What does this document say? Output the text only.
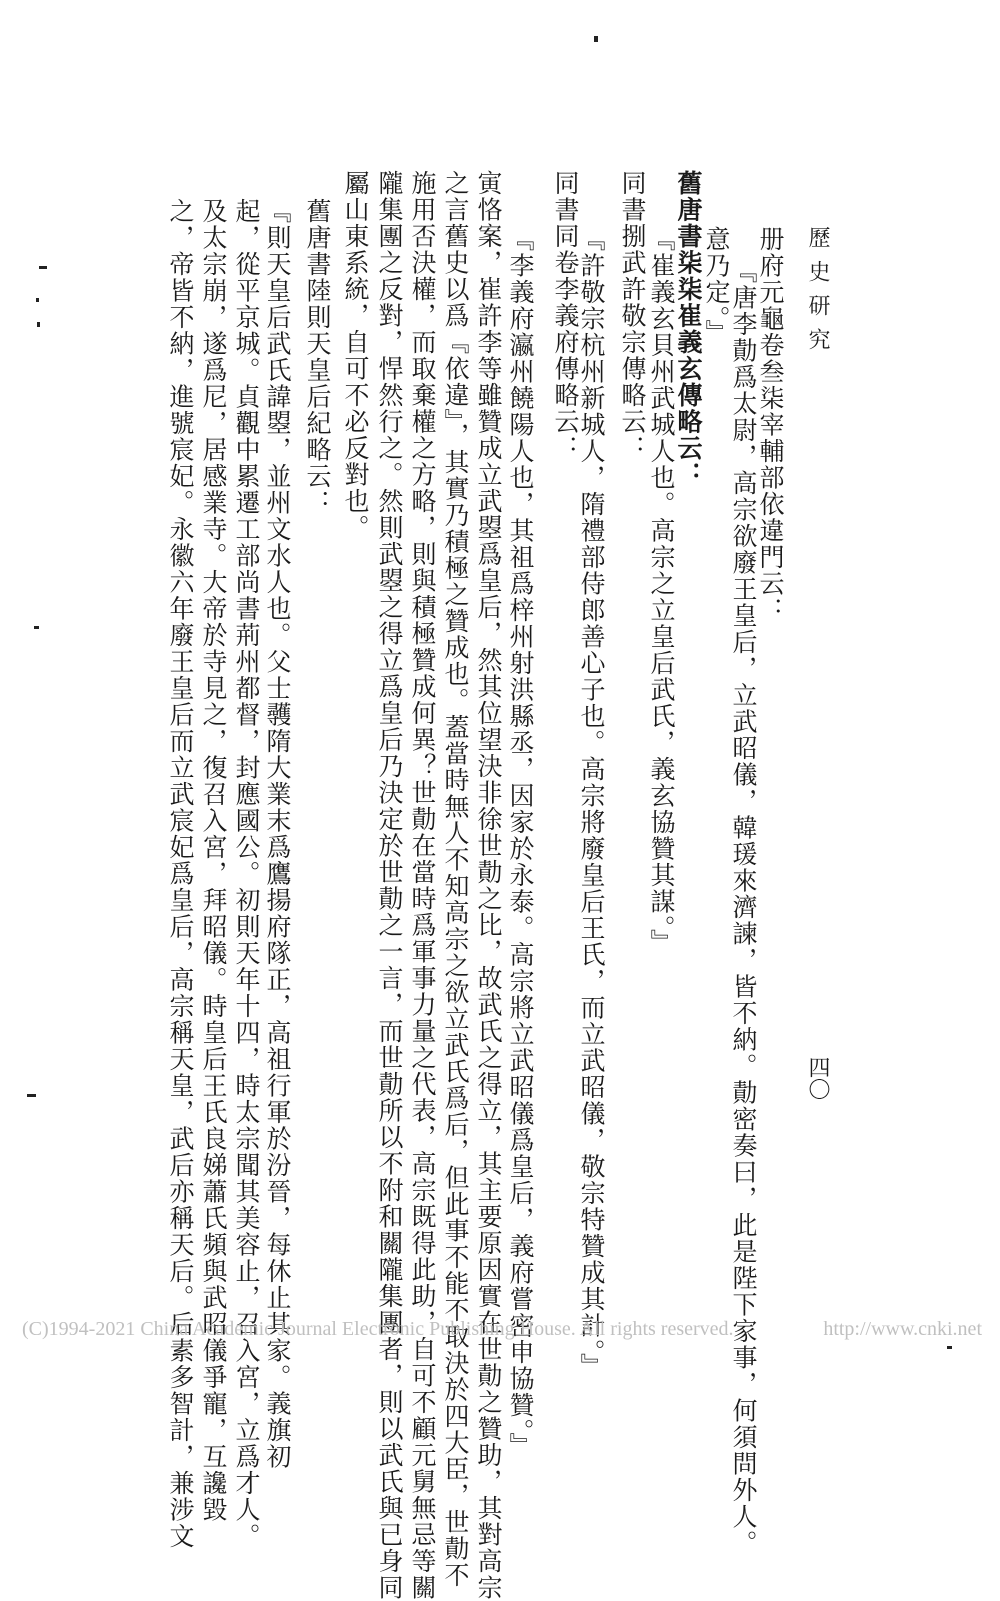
歷史研究
四〇
册府元龜卷叁柒宰輔部依違門云：
『唐李勣爲太尉，高宗欲廢王皇后，立武昭儀，韓瑗來濟諫，皆不納。勣密奏曰，此是陛下家事，何須問外人。
意乃定。』
舊唐書柒柒崔義玄傳略云：
『崔義玄貝州武城人也。高宗之立皇后武氏，義玄協贊其謀。』
同書捌武許敬宗傳略云：
『許敬宗杭州新城人，隋禮部侍郎善心子也。高宗將廢皇后王氏，而立武昭儀，敬宗特贊成其計。』
同書同卷李義府傳略云：
『李義府瀛州饒陽人也，其祖爲梓州射洪縣丞，因家於永泰。高宗將立武昭儀爲皇后，義府嘗密申協贊。』
寅恪案，崔許李等雖贊成立武曌爲皇后，然其位望決非徐世勣之比，故武氏之得立，其主要原因實在世勣之贊助，其對高宗
之言舊史以爲『依違』，其實乃積極之贊成也。蓋當時無人不知高宗之欲立武氏爲后，但此事不能不取決於四大臣，世勣不
施用否決權，而取棄權之方略，則與積極贊成何異？世勣在當時爲軍事力量之代表，高宗既得此助，自可不顧元舅無忌等關
隴集團之反對，悍然行之。然則武曌之得立爲皇后乃決定於世勣之一言，而世勣所以不附和關隴集團者，則以武氏與已身同
屬山東系統，自可不必反對也。
舊唐書陸則天皇后紀略云：
『則天皇后武氏諱曌，並州文水人也。父士彠隋大業末爲鷹揚府隊正，高祖行軍於汾晉，每休止其家。義旗初
起，從平京城。貞觀中累遷工部尚書荊州都督，封應國公。初則天年十四，時太宗聞其美容止，召入宮，立爲才人。
及太宗崩，遂爲尼，居感業寺。大帝於寺見之，復召入宮，拜昭儀。時皇后王氏良娣蕭氏頻與武昭儀爭寵，互讒毀
之，帝皆不納，進號宸妃。永徽六年廢王皇后而立武宸妃爲皇后，高宗稱天皇，武后亦稱天后。后素多智計，兼涉文
(C)1994-2021 China Academic Journal Electronic Publishing House. All rights reserved.	http://www.cnki.net
